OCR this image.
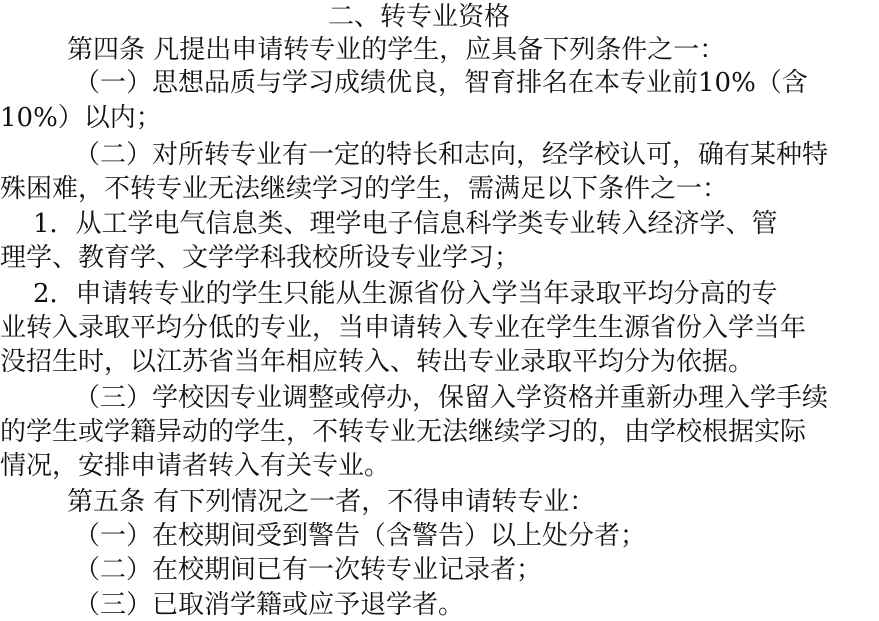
二、转专业资格
第四条 凡提出申请转专业的学生，应具备下列条件之一：
（一）思想品质与学习成绩优良，智育排名在本专业前10%（含
10%）以内；
（二）对所转专业有一定的特长和志向，经学校认可，确有某种特
殊困难，不转专业无法继续学习的学生，需满足以下条件之一：
1．从工学电气信息类、理学电子信息科学类专业转入经济学、管
理学、教育学、文学学科我校所设专业学习；
2．申请转专业的学生只能从生源省份入学当年录取平均分高的专
业转入录取平均分低的专业，当申请转入专业在学生生源省份入学当年
没招生时，以江苏省当年相应转入、转出专业录取平均分为依据。
（三）学校因专业调整或停办，保留入学资格并重新办理入学手续
的学生或学籍异动的学生，不转专业无法继续学习的，由学校根据实际
情况，安排申请者转入有关专业。
第五条 有下列情况之一者，不得申请转专业：
（一）在校期间受到警告（含警告）以上处分者；
（二）在校期间已有一次转专业记录者；
（三）已取消学籍或应予退学者。
